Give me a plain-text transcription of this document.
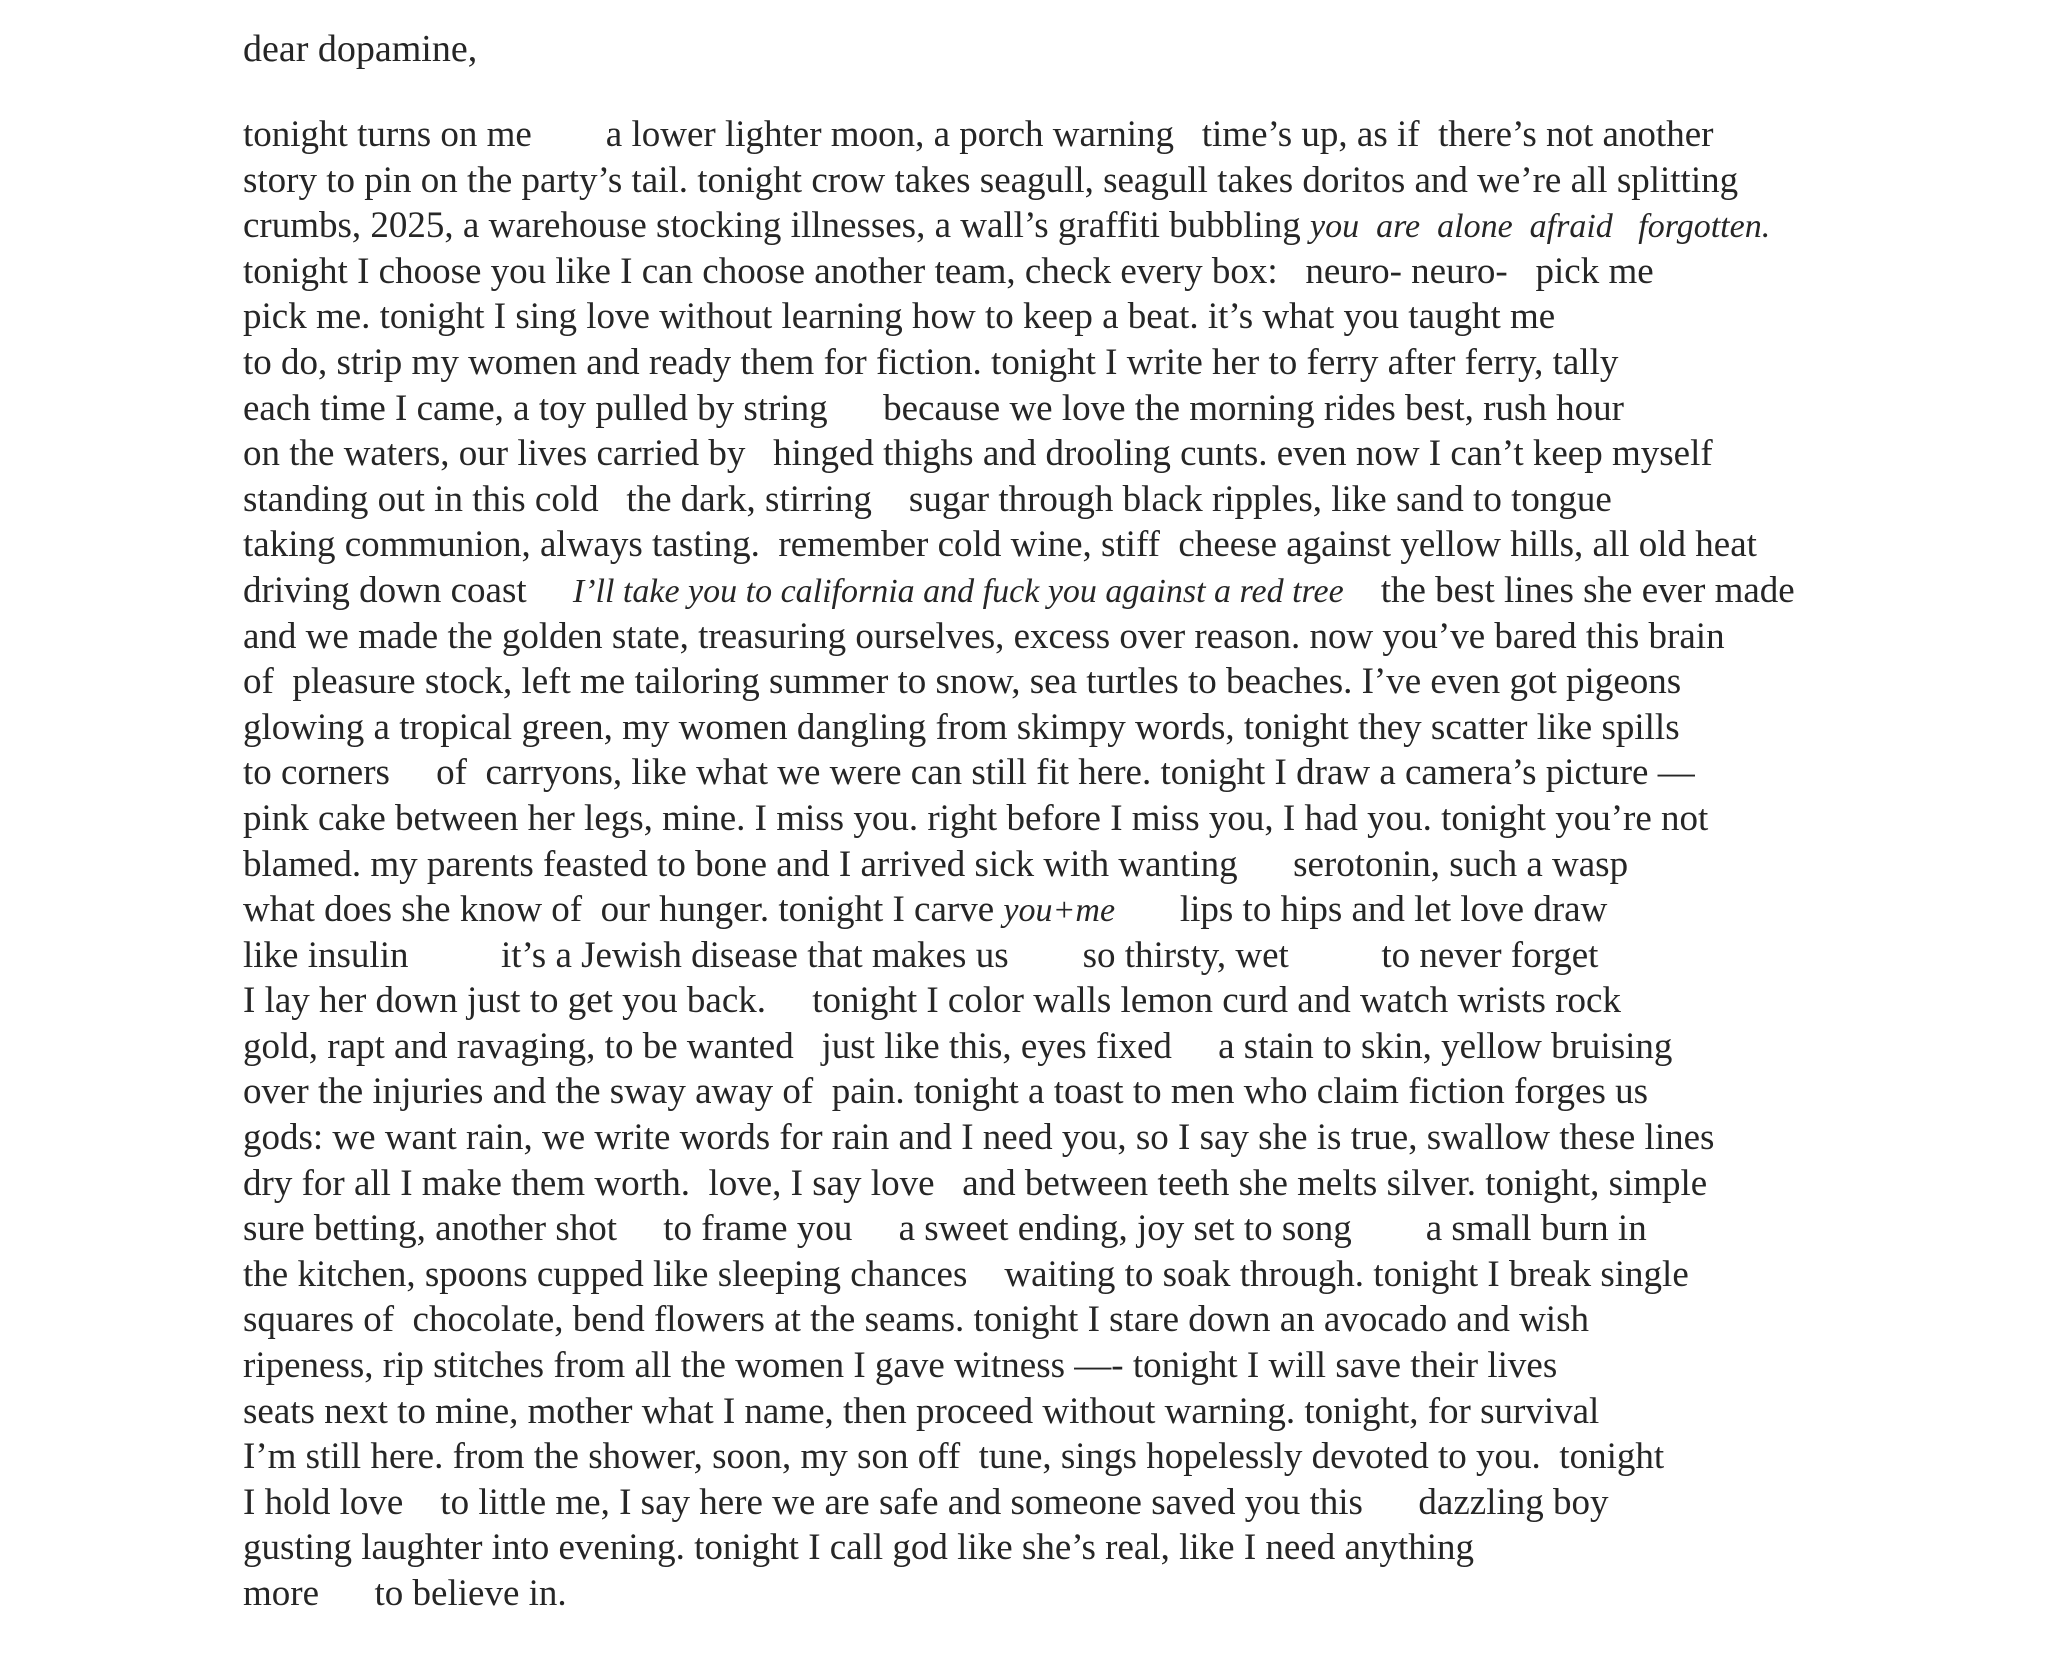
dear dopamine,

tonight turns on me        a lower lighter moon, a porch warning   time’s up, as if  there’s not another
story to pin on the party’s tail. tonight crow takes seagull, seagull takes doritos and we’re all splitting
crumbs, 2025, a warehouse stocking illnesses, a wall’s graffiti bubbling you  are  alone  afraid   forgotten.
tonight I choose you like I can choose another team, check every box:   neuro- neuro-   pick me
pick me. tonight I sing love without learning how to keep a beat. it’s what you taught me
to do, strip my women and ready them for fiction. tonight I write her to ferry after ferry, tally
each time I came, a toy pulled by string      because we love the morning rides best, rush hour
on the waters, our lives carried by   hinged thighs and drooling cunts. even now I can’t keep myself
standing out in this cold   the dark, stirring    sugar through black ripples, like sand to tongue
taking communion, always tasting.  remember cold wine, stiff  cheese against yellow hills, all old heat
driving down coast     I’ll take you to california and fuck you against a red tree    the best lines she ever made
and we made the golden state, treasuring ourselves, excess over reason. now you’ve bared this brain
of  pleasure stock, left me tailoring summer to snow, sea turtles to beaches. I’ve even got pigeons
glowing a tropical green, my women dangling from skimpy words, tonight they scatter like spills
to corners     of  carryons, like what we were can still fit here. tonight I draw a camera’s picture —
pink cake between her legs, mine. I miss you. right before I miss you, I had you. tonight you’re not
blamed. my parents feasted to bone and I arrived sick with wanting      serotonin, such a wasp
what does she know of  our hunger. tonight I carve you+me       lips to hips and let love draw
like insulin          it’s a Jewish disease that makes us        so thirsty, wet          to never forget
I lay her down just to get you back.     tonight I color walls lemon curd and watch wrists rock
gold, rapt and ravaging, to be wanted   just like this, eyes fixed     a stain to skin, yellow bruising
over the injuries and the sway away of  pain. tonight a toast to men who claim fiction forges us
gods: we want rain, we write words for rain and I need you, so I say she is true, swallow these lines
dry for all I make them worth.  love, I say love   and between teeth she melts silver. tonight, simple
sure betting, another shot     to frame you     a sweet ending, joy set to song        a small burn in
the kitchen, spoons cupped like sleeping chances    waiting to soak through. tonight I break single
squares of  chocolate, bend flowers at the seams. tonight I stare down an avocado and wish
ripeness, rip stitches from all the women I gave witness —- tonight I will save their lives
seats next to mine, mother what I name, then proceed without warning. tonight, for survival
I’m still here. from the shower, soon, my son off  tune, sings hopelessly devoted to you.  tonight
I hold love    to little me, I say here we are safe and someone saved you this      dazzling boy
gusting laughter into evening. tonight I call god like she’s real, like I need anything
more      to believe in.
